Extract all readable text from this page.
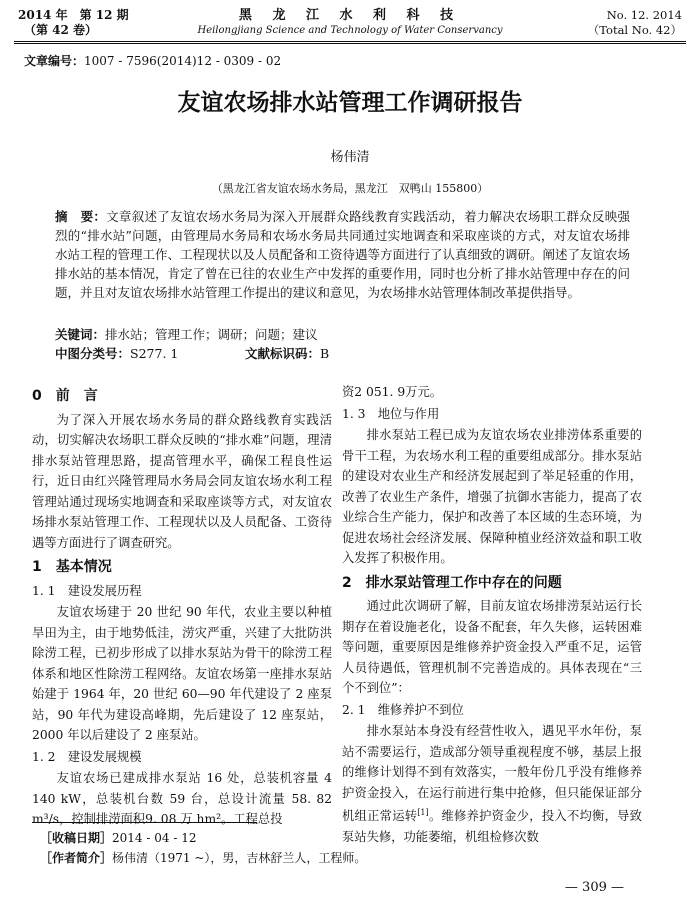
2014 年　第 12 期
（第 42 卷）
黑 龙 江 水 利 科 技
Heilongjiang Science and Technology of Water Conservancy
No. 12. 2014
（Total No. 42）
文章编号：1007 - 7596(2014)12 - 0309 - 02
友谊农场排水站管理工作调研报告
杨伟清
（黑龙江省友谊农场水务局，黑龙江　双鸭山 155800）
摘　要：文章叙述了友谊农场水务局为深入开展群众路线教育实践活动，着力解决农场职工群众反映强烈的“排水站”问题，由管理局水务局和农场水务局共同通过实地调查和采取座谈的方式，对友谊农场排水站工程的管理工作、工程现状以及人员配备和工资待遇等方面进行了认真细致的调研。阐述了友谊农场排水站的基本情况，肯定了曾在已往的农业生产中发挥的重要作用，同时也分析了排水站管理中存在的问题，并且对友谊农场排水站管理工作提出的建议和意见，为农场排水站管理体制改革提供指导。
关键词：排水站；管理工作；调研；问题；建议
中图分类号：S277. 1	文献标识码：B
0　前　言

为了深入开展农场水务局的群众路线教育实践活动，切实解决农场职工群众反映的“排水难”问题，理清排水泵站管理思路，提高管理水平，确保工程良性运行，近日由红兴隆管理局水务局会同友谊农场水利工程管理站通过现场实地调查和采取座谈等方式，对友谊农场排水泵站管理工作、工程现状以及人员配备、工资待遇等方面进行了调查研究。

1　基本情况
1. 1　建设发展历程

友谊农场建于 20 世纪 90 年代，农业主要以种植旱田为主，由于地势低洼，涝灾严重，兴建了大批防洪除涝工程，已初步形成了以排水泵站为骨干的除涝工程体系和地区性除涝工程网络。友谊农场第一座排水泵站始建于 1964 年，20 世纪 60—90 年代建设了 2 座泵站，90 年代为建设高峰期，先后建设了 12 座泵站，2000 年以后建设了 2 座泵站。

1. 2　建设发展规模

友谊农场已建成排水泵站 16 处，总装机容量 4 140 kW，总装机台数 59 台，总设计流量 58. 82 m³/s，控制排涝面积9. 08 万 hm²。工程总投

资2 051. 9万元。

1. 3　地位与作用

排水泵站工程已成为友谊农场农业排涝体系重要的骨干工程，为农场水利工程的重要组成部分。排水泵站的建设对农业生产和经济发展起到了举足轻重的作用，改善了农业生产条件，增强了抗御水害能力，提高了农业综合生产能力，保护和改善了本区域的生态环境，为促进农场社会经济发展、保障种植业经济效益和职工收入发挥了积极作用。

2　排水泵站管理工作中存在的问题

通过此次调研了解，目前友谊农场排涝泵站运行长期存在着设施老化，设备不配套，年久失修，运转困难等问题，重要原因是维修养护资金投入严重不足，运管人员待遇低，管理机制不完善造成的。具体表现在“三个不到位”：

2. 1　维修养护不到位

排水泵站本身没有经营性收入，遇见平水年份，泵站不需要运行，造成部分领导重视程度不够，基层上报的维修计划得不到有效落实，一般年份几乎没有维修养护资金投入，在运行前进行集中抢修，但只能保证部分机组正常运转[1]。维修养护资金少，投入不均衡，导致泵站失修，功能萎缩，机组检修次数

［收稿日期］2014 - 04 - 12
［作者简介］杨伟清（1971 ~），男，吉林舒兰人，工程师。
— 309 —
